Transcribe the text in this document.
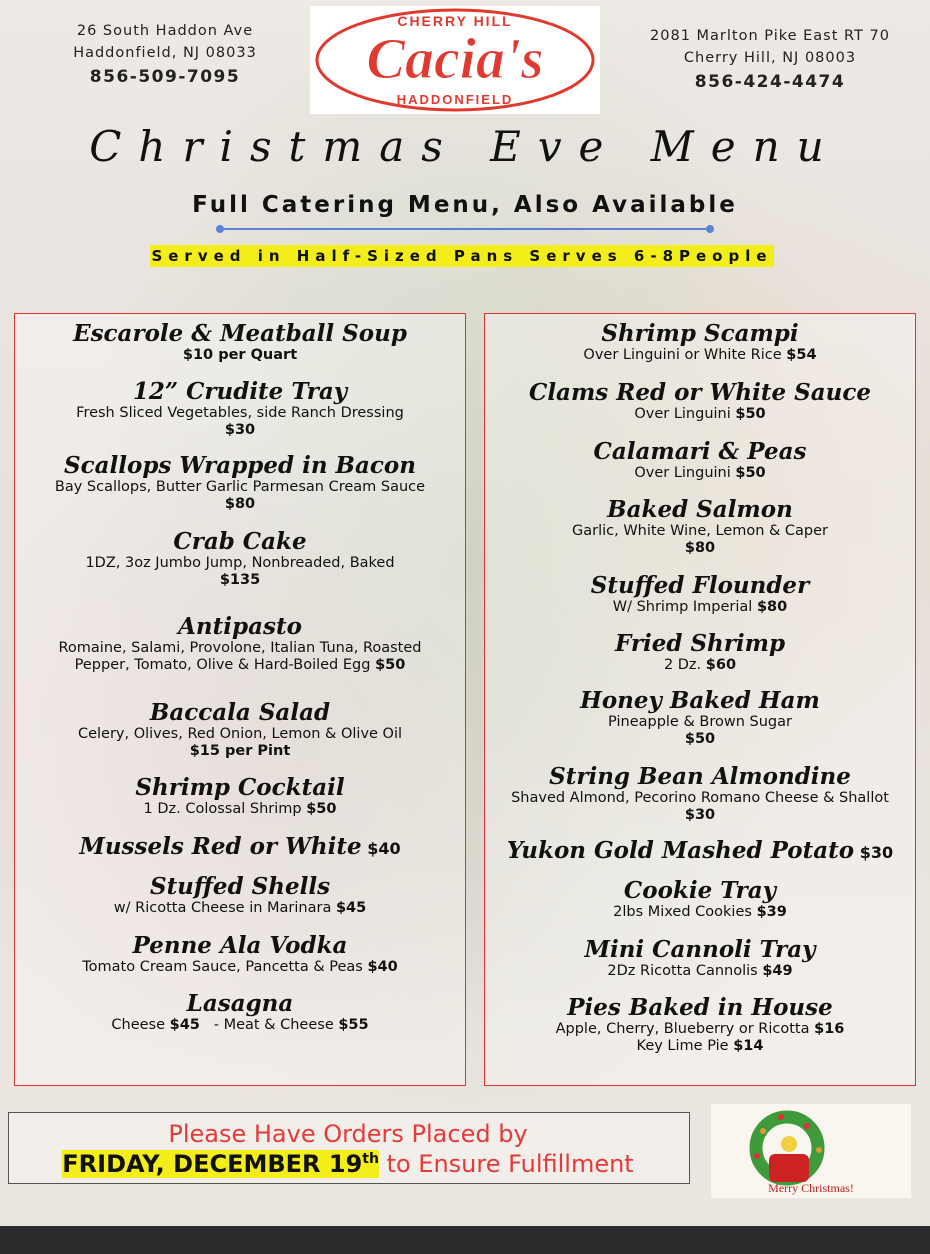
26 South Haddon Ave
Haddonfield, NJ 08033
856-509-7095
CHERRY HILL
Cacia's
HADDONFIELD
2081 Marlton Pike East RT 70
Cherry Hill, NJ 08003
856-424-4474
Christmas Eve Menu
Full Catering Menu, Also Available
Served in Half-Sized Pans Serves 6-8People
Escarole & Meatball Soup
$10 per Quart
12” Crudite Tray
Fresh Sliced Vegetables, side Ranch Dressing
$30
Scallops Wrapped in Bacon
Bay Scallops, Butter Garlic Parmesan Cream Sauce
$80
Crab Cake
1DZ, 3oz Jumbo Jump, Nonbreaded, Baked
$135
Antipasto
Romaine, Salami, Provolone, Italian Tuna, Roasted
Pepper, Tomato, Olive & Hard-Boiled Egg $50
Baccala Salad
Celery, Olives, Red Onion, Lemon & Olive Oil
$15 per Pint
Shrimp Cocktail
1 Dz. Colossal Shrimp $50
Mussels Red or White $40
Stuffed Shells
w/ Ricotta Cheese in Marinara $45
Penne Ala Vodka
Tomato Cream Sauce, Pancetta & Peas $40
Lasagna
Cheese $45   - Meat & Cheese $55
Shrimp Scampi
Over Linguini or White Rice $54
Clams Red or White Sauce
Over Linguini $50
Calamari & Peas
Over Linguini $50
Baked Salmon
Garlic, White Wine, Lemon & Caper
$80
Stuffed Flounder
W/ Shrimp Imperial $80
Fried Shrimp
2 Dz. $60
Honey Baked Ham
Pineapple & Brown Sugar
$50
String Bean Almondine
Shaved Almond, Pecorino Romano Cheese & Shallot
$30
Yukon Gold Mashed Potato $30
Cookie Tray
2lbs Mixed Cookies $39
Mini Cannoli Tray
2Dz Ricotta Cannolis $49
Pies Baked in House
Apple, Cherry, Blueberry or Ricotta $16
Key Lime Pie $14
Please Have Orders Placed by
FRIDAY, DECEMBER 19th to Ensure Fulfillment
Merry Christmas!
